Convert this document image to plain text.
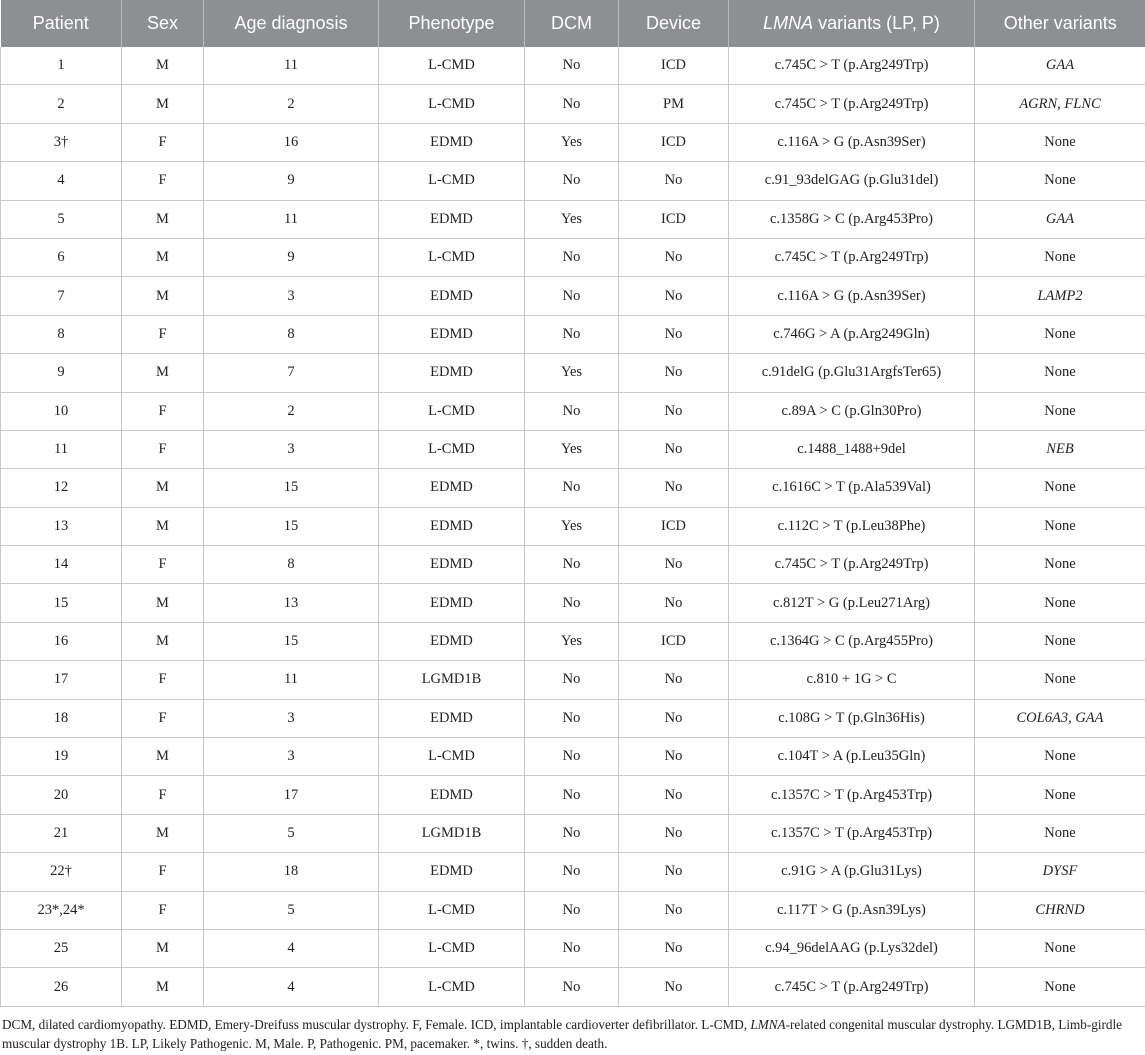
Patient	Sex	Age diagnosis	Phenotype	DCM	Device	LMNA variants (LP, P)	Other variants
1	M	11	L-CMD	No	ICD	c.745C > T (p.Arg249Trp)	GAA
2	M	2	L-CMD	No	PM	c.745C > T (p.Arg249Trp)	AGRN, FLNC
3†	F	16	EDMD	Yes	ICD	c.116A > G (p.Asn39Ser)	None
4	F	9	L-CMD	No	No	c.91_93delGAG (p.Glu31del)	None
5	M	11	EDMD	Yes	ICD	c.1358G > C (p.Arg453Pro)	GAA
6	M	9	L-CMD	No	No	c.745C > T (p.Arg249Trp)	None
7	M	3	EDMD	No	No	c.116A > G (p.Asn39Ser)	LAMP2
8	F	8	EDMD	No	No	c.746G > A (p.Arg249Gln)	None
9	M	7	EDMD	Yes	No	c.91delG (p.Glu31ArgfsTer65)	None
10	F	2	L-CMD	No	No	c.89A > C (p.Gln30Pro)	None
11	F	3	L-CMD	Yes	No	c.1488_1488+9del	NEB
12	M	15	EDMD	No	No	c.1616C > T (p.Ala539Val)	None
13	M	15	EDMD	Yes	ICD	c.112C > T (p.Leu38Phe)	None
14	F	8	EDMD	No	No	c.745C > T (p.Arg249Trp)	None
15	M	13	EDMD	No	No	c.812T > G (p.Leu271Arg)	None
16	M	15	EDMD	Yes	ICD	c.1364G > C (p.Arg455Pro)	None
17	F	11	LGMD1B	No	No	c.810 + 1G > C	None
18	F	3	EDMD	No	No	c.108G > T (p.Gln36His)	COL6A3, GAA
19	M	3	L-CMD	No	No	c.104T > A (p.Leu35Gln)	None
20	F	17	EDMD	No	No	c.1357C > T (p.Arg453Trp)	None
21	M	5	LGMD1B	No	No	c.1357C > T (p.Arg453Trp)	None
22†	F	18	EDMD	No	No	c.91G > A (p.Glu31Lys)	DYSF
23*,24*	F	5	L-CMD	No	No	c.117T > G (p.Asn39Lys)	CHRND
25	M	4	L-CMD	No	No	c.94_96delAAG (p.Lys32del)	None
26	M	4	L-CMD	No	No	c.745C > T (p.Arg249Trp)	None
DCM, dilated cardiomyopathy. EDMD, Emery-Dreifuss muscular dystrophy. F, Female. ICD, implantable cardioverter defibrillator. L-CMD, LMNA-related congenital muscular dystrophy. LGMD1B, Limb-girdle muscular dystrophy 1B. LP, Likely Pathogenic. M, Male. P, Pathogenic. PM, pacemaker. *, twins. †, sudden death.
